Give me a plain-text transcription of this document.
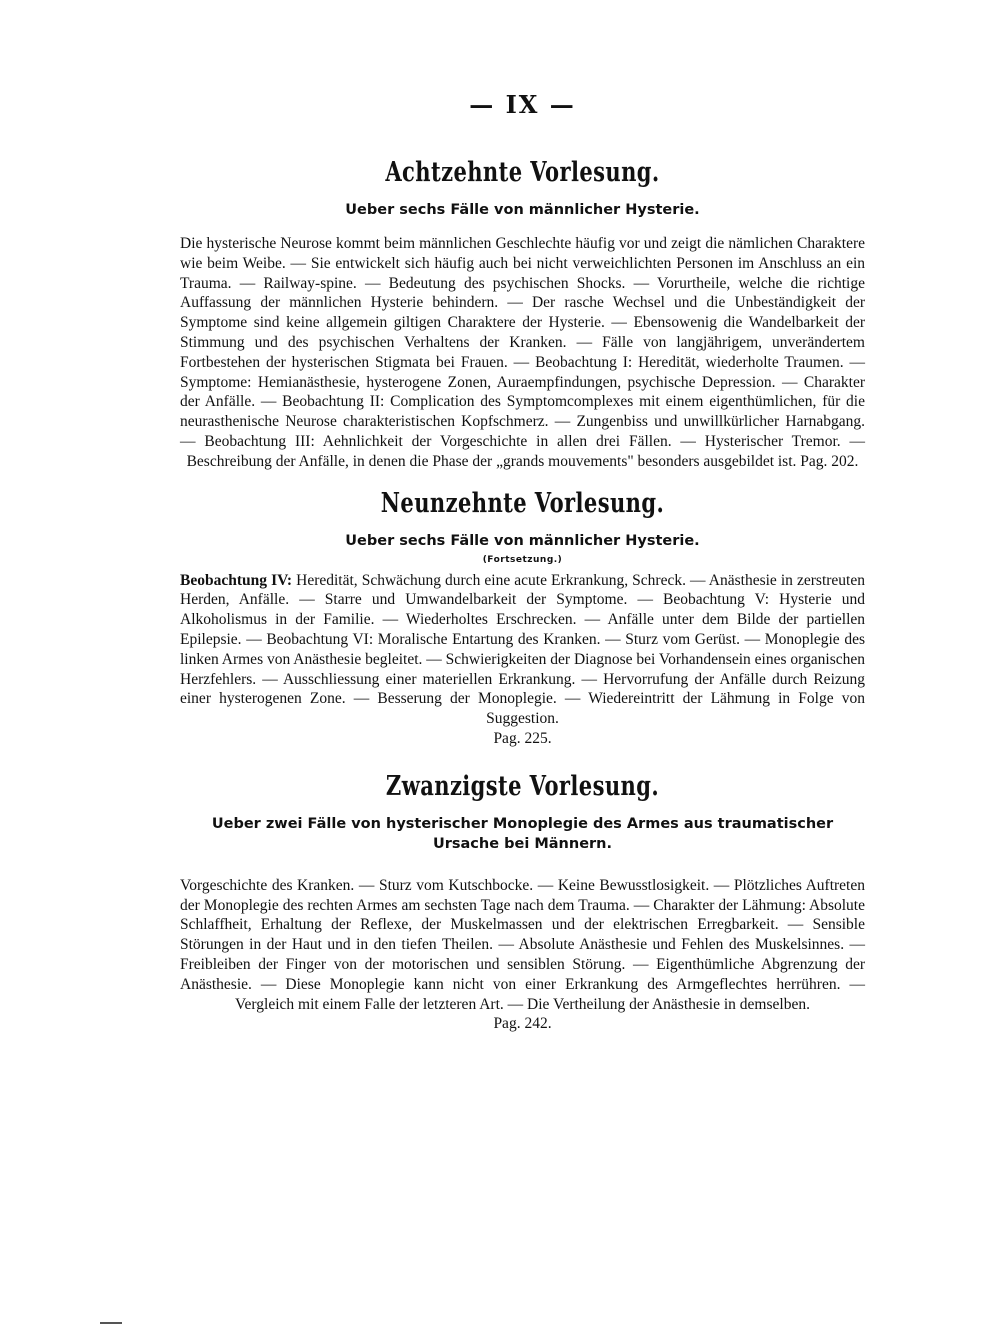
— IX —
Achtzehnte Vorlesung.
Ueber sechs Fälle von männlicher Hysterie.

Die hysterische Neurose kommt beim männlichen Geschlechte häufig vor und zeigt die nämlichen Charaktere wie beim Weibe. — Sie entwickelt sich häufig auch bei nicht verweichlichten Personen im Anschluss an ein Trauma. — Railway-spine. — Bedeutung des psychischen Shocks. — Vorurtheile, welche die richtige Auffassung der männlichen Hysterie behindern. — Der rasche Wechsel und die Unbeständigkeit der Symptome sind keine allgemein giltigen Charaktere der Hysterie. — Ebensowenig die Wandelbarkeit der Stimmung und des psychischen Verhaltens der Kranken. — Fälle von langjährigem, unverändertem Fortbestehen der hysterischen Stigmata bei Frauen. — Beobachtung I: Heredität, wiederholte Traumen. — Symptome: Hemianästhesie, hysterogene Zonen, Auraempfindungen, psychische Depression. — Charakter der Anfälle. — Beobachtung II: Complication des Symptomcomplexes mit einem eigenthümlichen, für die neurasthenische Neurose charakteristischen Kopfschmerz. — Zungenbiss und unwillkürlicher Harnabgang. — Beobachtung III: Aehnlichkeit der Vorgeschichte in allen drei Fällen. — Hysterischer Tremor. — Beschreibung der Anfälle, in denen die Phase der „grands mouvements" besonders ausgebildet ist. Pag. 202.

Neunzehnte Vorlesung.
Ueber sechs Fälle von männlicher Hysterie.
(Fortsetzung.)

Beobachtung IV: Heredität, Schwächung durch eine acute Erkrankung, Schreck. — Anästhesie in zerstreuten Herden, Anfälle. — Starre und Umwandelbarkeit der Symptome. — Beobachtung V: Hysterie und Alkoholismus in der Familie. — Wiederholtes Erschrecken. — Anfälle unter dem Bilde der partiellen Epilepsie. — Beobachtung VI: Moralische Entartung des Kranken. — Sturz vom Gerüst. — Monoplegie des linken Armes von Anästhesie begleitet. — Schwierigkeiten der Diagnose bei Vorhandensein eines organischen Herzfehlers. — Ausschliessung einer materiellen Erkrankung. — Hervorrufung der Anfälle durch Reizung einer hysterogenen Zone. — Besserung der Monoplegie. — Wiedereintritt der Lähmung in Folge von Suggestion.

Pag. 225.
Zwanzigste Vorlesung.
Ueber zwei Fälle von hysterischer Monoplegie des Armes aus traumatischer Ursache bei Männern.

Vorgeschichte des Kranken. — Sturz vom Kutschbocke. — Keine Bewusstlosigkeit. — Plötzliches Auftreten der Monoplegie des rechten Armes am sechsten Tage nach dem Trauma. — Charakter der Lähmung: Absolute Schlaffheit, Erhaltung der Reflexe, der Muskelmassen und der elektrischen Erregbarkeit. — Sensible Störungen in der Haut und in den tiefen Theilen. — Absolute Anästhesie und Fehlen des Muskelsinnes. — Freibleiben der Finger von der motorischen und sensiblen Störung. — Eigenthümliche Abgrenzung der Anästhesie. — Diese Monoplegie kann nicht von einer Erkrankung des Armgeflechtes herrühren. — Vergleich mit einem Falle der letzteren Art. — Die Vertheilung der Anästhesie in demselben.

Pag. 242.
